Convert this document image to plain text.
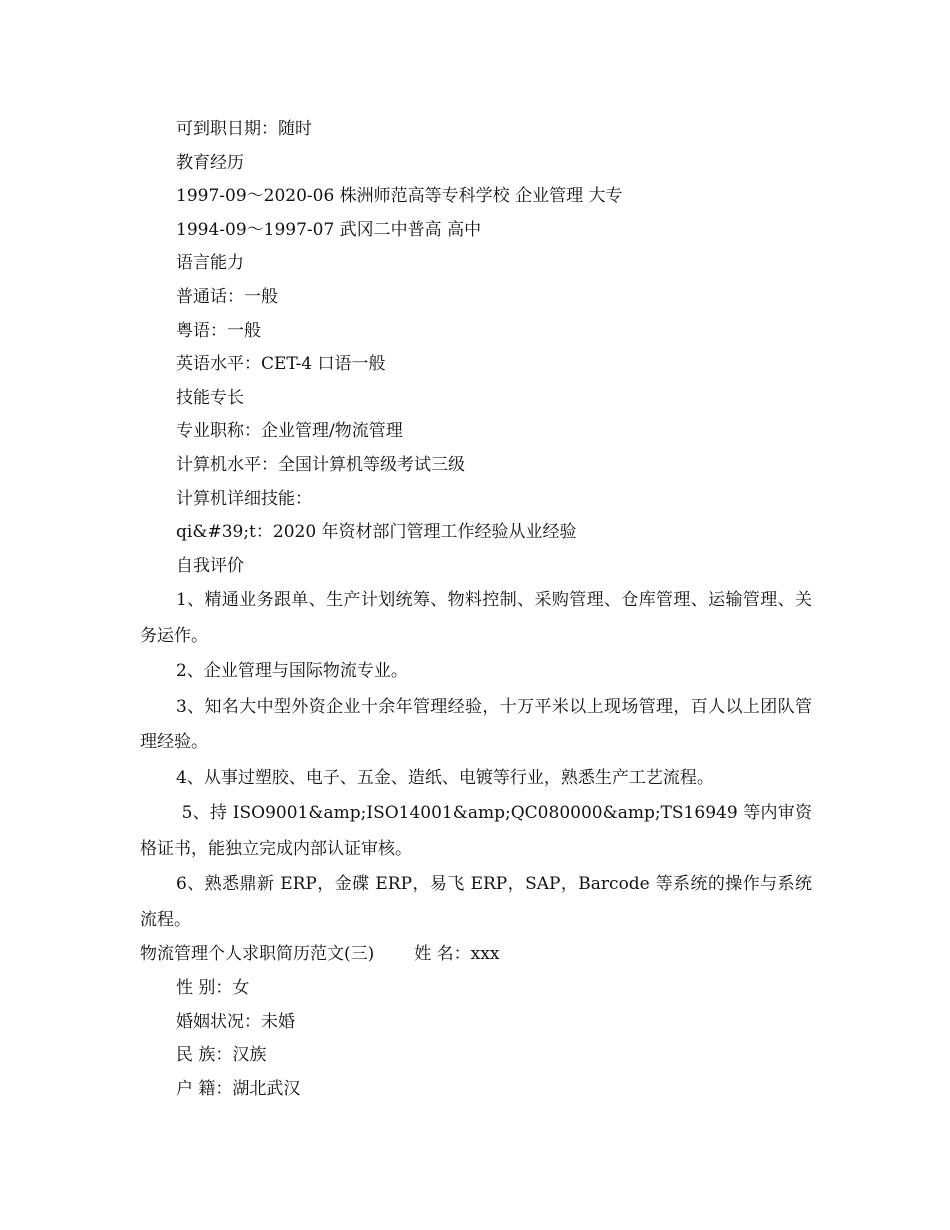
可到职日期：随时

教育经历

1997-09～2020-06 株洲师范高等专科学校 企业管理 大专

1994-09～1997-07 武冈二中普高 高中

语言能力

普通话：一般

粤语：一般

英语水平：CET-4 口语一般

技能专长

专业职称：企业管理/物流管理

计算机水平：全国计算机等级考试三级

计算机详细技能：

qi&#39;t：2020 年资材部门管理工作经验从业经验

自我评价

1、精通业务跟单、生产计划统筹、物料控制、采购管理、仓库管理、运输管理、关务运作。

2、企业管理与国际物流专业。

3、知名大中型外资企业十余年管理经验，十万平米以上现场管理，百人以上团队管理经验。

4、从事过塑胶、电子、五金、造纸、电镀等行业，熟悉生产工艺流程。

5、持 ISO9001&amp;ISO14001&amp;QC080000&amp;TS16949 等内审资格证书，能独立完成内部认证审核。

6、熟悉鼎新 ERP，金碟 ERP，易飞 ERP，SAP，Barcode 等系统的操作与系统流程。

物流管理个人求职简历范文(三) 姓 名：xxx

性 别：女

婚姻状况：未婚

民 族：汉族

户 籍：湖北武汉
